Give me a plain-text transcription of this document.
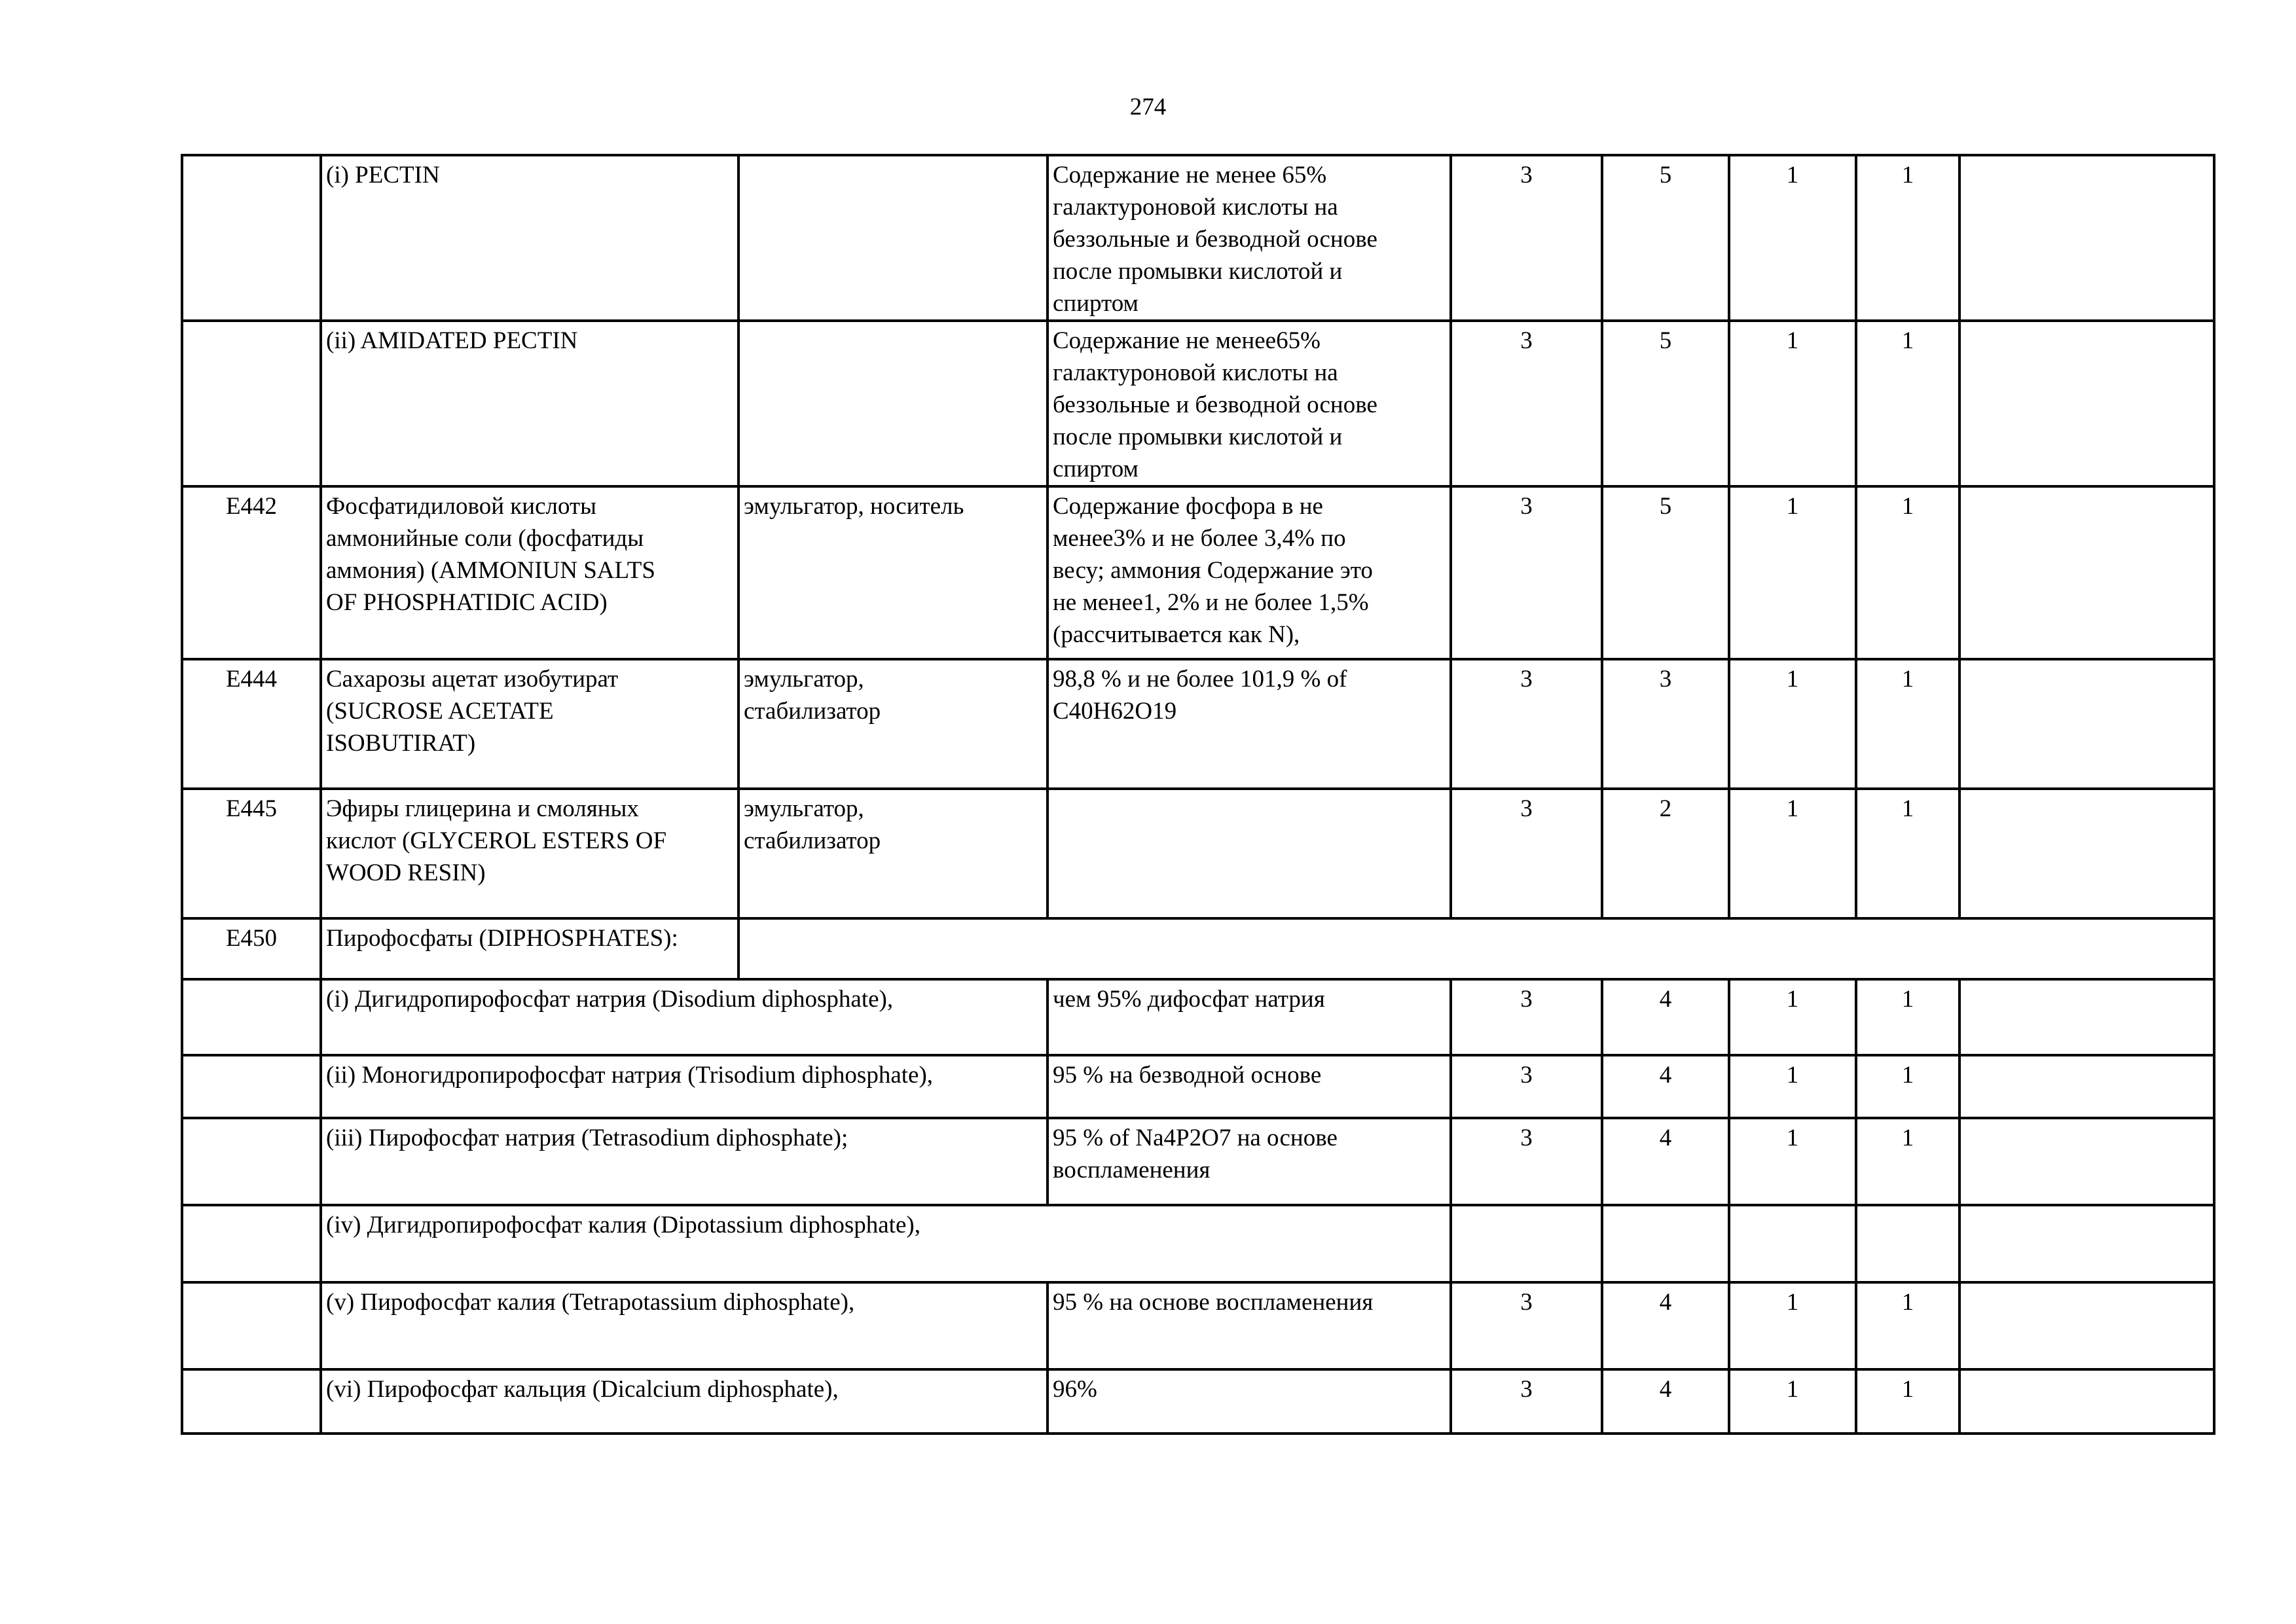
274
	(i) PECTIN		Содержание не менее 65%
галактуроновой кислоты на
беззольные и безводной основе
после промывки кислотой и
спиртом	3	5	1	1	
	(ii) AMIDATED PECTIN		Содержание не менее65%
галактуроновой кислоты на
беззольные и безводной основе
после промывки кислотой и
спиртом	3	5	1	1	
E442	Фосфатидиловой кислоты
аммонийные соли (фосфатиды
аммония) (AMMONIUN SALTS
OF PHOSPHATIDIC ACID)	эмульгатор, носитель	Содержание фосфора в не
менее3% и не более 3,4% по
весу; аммония Содержание это
не менее1, 2% и не более 1,5%
(рассчитывается как N),	3	5	1	1	
E444	Сахарозы ацетат изобутират
(SUCROSE ACETATE
ISOBUTIRAT)	эмульгатор,
стабилизатор	98,8 % и не более 101,9 % of
C40H62O19	3	3	1	1	
E445	Эфиры глицерина и смоляных
кислот (GLYCEROL ESTERS OF
WOOD RESIN)	эмульгатор,
стабилизатор		3	2	1	1	
E450	Пирофосфаты (DIPHOSPHATES):							
	(i) Дигидропирофосфат натрия (Disodium diphosphate),		чем 95% дифосфат натрия	3	4	1	1	
	(ii) Моногидропирофосфат натрия (Trisodium diphosphate),		95 % на безводной основе	3	4	1	1	
	(iii) Пирофосфат натрия (Tetrasodium diphosphate);		95 % of Na4P2O7 на основе
воспламенения	3	4	1	1	
	(iv) Дигидропирофосфат калия (Dipotassium diphosphate),							
	(v) Пирофосфат калия (Tetrapotassium diphosphate),		95 % на основе воспламенения	3	4	1	1	
	(vi) Пирофосфат кальция (Dicalcium diphosphate),		96%	3	4	1	1	
